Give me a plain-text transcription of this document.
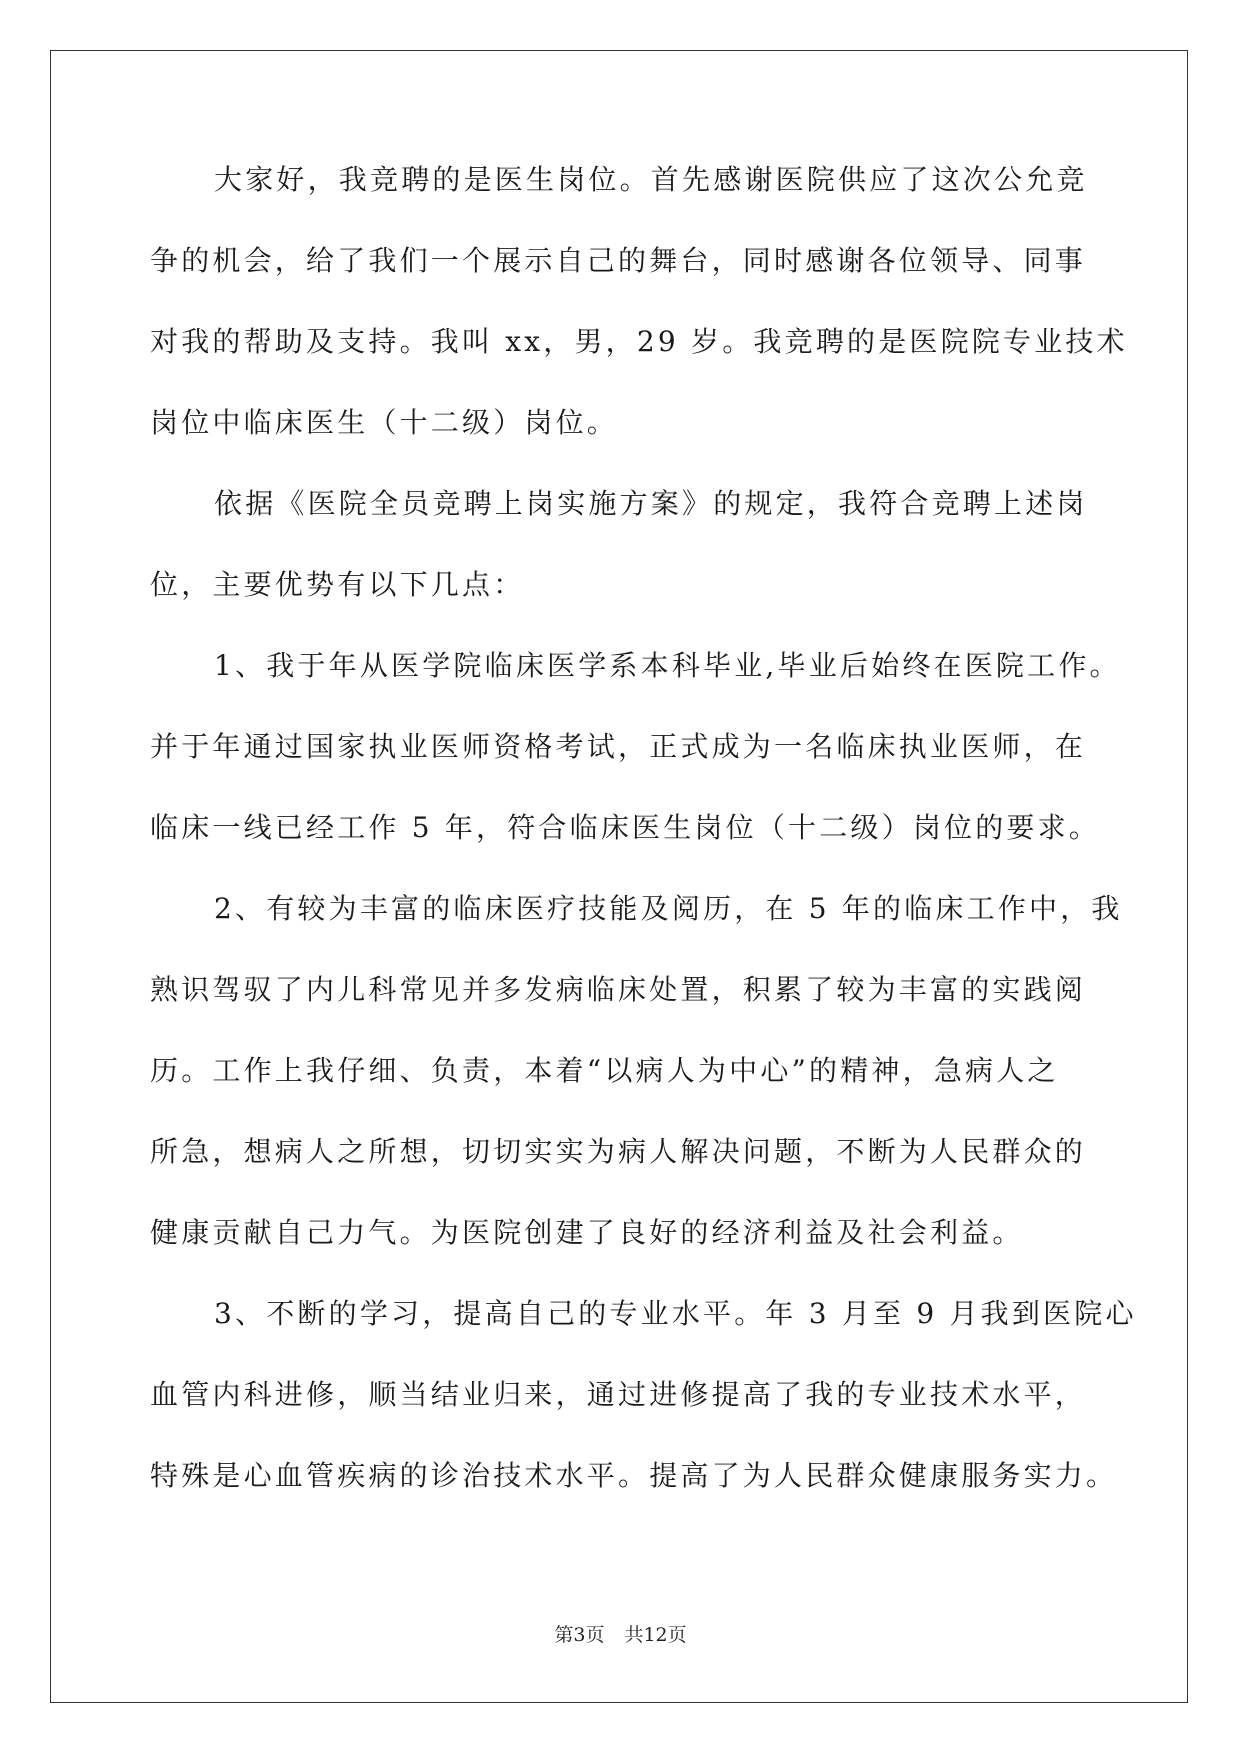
大家好，我竞聘的是医生岗位。首先感谢医院供应了这次公允竞
争的机会，给了我们一个展示自己的舞台，同时感谢各位领导、同事
对我的帮助及支持。我叫 xx，男，29 岁。我竞聘的是医院院专业技术
岗位中临床医生（十二级）岗位。
依据《医院全员竞聘上岗实施方案》的规定，我符合竞聘上述岗
位，主要优势有以下几点：
1、我于年从医学院临床医学系本科毕业,毕业后始终在医院工作。
并于年通过国家执业医师资格考试，正式成为一名临床执业医师，在
临床一线已经工作 5 年，符合临床医生岗位（十二级）岗位的要求。
2、有较为丰富的临床医疗技能及阅历，在 5 年的临床工作中，我
熟识驾驭了内儿科常见并多发病临床处置，积累了较为丰富的实践阅
历。工作上我仔细、负责，本着“以病人为中心”的精神，急病人之
所急，想病人之所想，切切实实为病人解决问题，不断为人民群众的
健康贡献自己力气。为医院创建了良好的经济利益及社会利益。
3、不断的学习，提高自己的专业水平。年 3 月至 9 月我到医院心
血管内科进修，顺当结业归来，通过进修提高了我的专业技术水平，
特殊是心血管疾病的诊治技术水平。提高了为人民群众健康服务实力。
第3页 共12页
